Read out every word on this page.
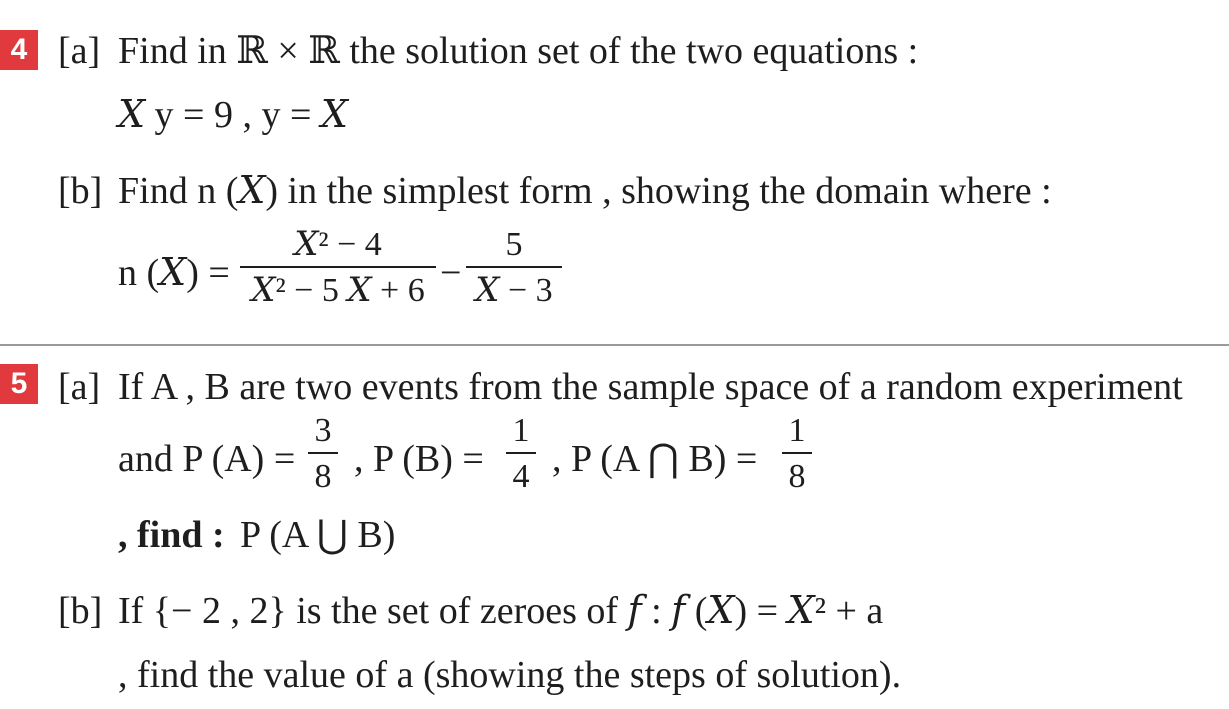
4 [a] Find in ℝ × ℝ the solution set of the two equations :
𝑋 y = 9 , y = 𝑋
[b] Find n (𝑋) in the simplest form , showing the domain where :
n (𝑋) =
𝑋² − 4
𝑋² − 5 𝑋 + 6 −
5
𝑋 − 3
5 [a] If A , B are two events from the sample space of a random experiment
and P (A) =
3
8 , P (B) =
1
4 , P (A ⋂ B) =
1
8
, find : P (A ⋃ B)
[b] If {− 2 , 2} is the set of zeroes of 𝑓 : 𝑓 (𝑋) = 𝑋² + a
, find the value of a (showing the steps of solution).
